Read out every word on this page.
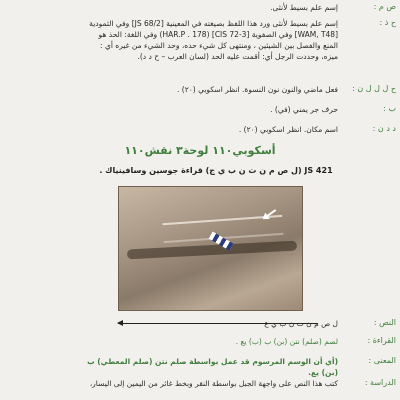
ص م :
إسم علم بسيط لأنثى.
ح ذ :
إسم علم بسيط لأنثى ورد هذا اللفظ بصيغته في المعينية [JS 68/2] وفي الثمودية [WAM, T48] وفي الصفوية [CIS 72-3] (HAR.P . 178) وفي اللغة: الحذ هو المنع والفصل بين الشيئين ، ومنتهى كل شيء حده، وحد الشيء من غيره أي : ميزه، وحددت الرجل أي: أقمت عليه الحد (لسان العرب – ح د د).
ح ل ل ل ن :
فعل ماضي والنون نون النسوة. انظر اسكوبي (٢٠) .
ب :
حرف جر يمني (في) .
د د ن :
اسم مكان. انظر اسكوبي (٢٠) .
أسكوبي١١٠ لوحة٣ نقش١١٠
JS 421 (ل ص م ن ت ن ب ي ج) قراءة جوسين وسافينياك .
النص :
ل ص م ن ت ن ب ي ع
القراءة :
لصم (صلم) نتن (بن) ب (ب) يع .
المعنى :
(أي أن الوسم المرسوم قد عمل بواسطة صلم نتن (صلم المعطي) ب (بن) يع.
الدراسة :
كتب هذا النص على واجهة الجبل بواسطة النقر وبخط غائر من اليمين إلى اليسار،
